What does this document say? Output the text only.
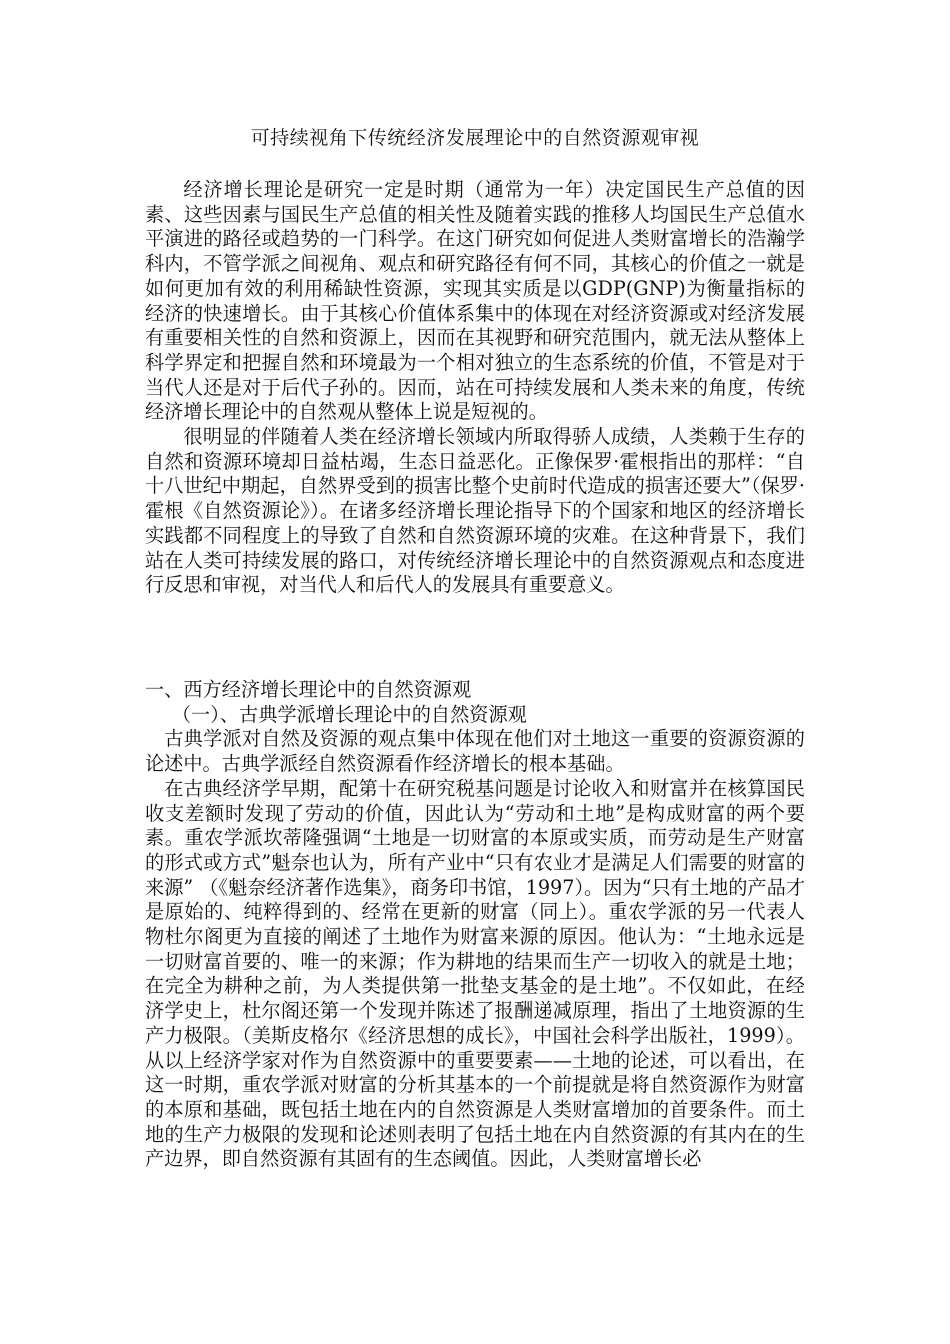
可持续视角下传统经济发展理论中的自然资源观审视

经济增长理论是研究一定是时期（通常为一年）决定国民生产总值的因素、这些因素与国民生产总值的相关性及随着实践的推移人均国民生产总值水平演进的路径或趋势的一门科学。在这门研究如何促进人类财富增长的浩瀚学科内，不管学派之间视角、观点和研究路径有何不同，其核心的价值之一就是如何更加有效的利用稀缺性资源，实现其实质是以GDP(GNP)为衡量指标的经济的快速增长。由于其核心价值体系集中的体现在对经济资源或对经济发展有重要相关性的自然和资源上，因而在其视野和研究范围内，就无法从整体上科学界定和把握自然和环境最为一个相对独立的生态系统的价值，不管是对于当代人还是对于后代子孙的。因而，站在可持续发展和人类未来的角度，传统经济增长理论中的自然观从整体上说是短视的。

很明显的伴随着人类在经济增长领域内所取得骄人成绩，人类赖于生存的自然和资源环境却日益枯竭，生态日益恶化。正像保罗·霍根指出的那样：“自十八世纪中期起，自然界受到的损害比整个史前时代造成的损害还要大”（保罗·霍根《自然资源论》）。在诸多经济增长理论指导下的个国家和地区的经济增长实践都不同程度上的导致了自然和自然资源环境的灾难。在这种背景下，我们站在人类可持续发展的路口，对传统经济增长理论中的自然资源观点和态度进行反思和审视，对当代人和后代人的发展具有重要意义。

一、西方经济增长理论中的自然资源观

（一）、古典学派增长理论中的自然资源观

古典学派对自然及资源的观点集中体现在他们对土地这一重要的资源资源的论述中。古典学派经自然资源看作经济增长的根本基础。

在古典经济学早期，配第十在研究税基问题是讨论收入和财富并在核算国民收支差额时发现了劳动的价值，因此认为“劳动和土地”是构成财富的两个要素。重农学派坎蒂隆强调“土地是一切财富的本原或实质，而劳动是生产财富的形式或方式”魁奈也认为，所有产业中“只有农业才是满足人们需要的财富的来源” （《魁奈经济著作选集》，商务印书馆，1997）。因为“只有土地的产品才是原始的、纯粹得到的、经常在更新的财富（同上）。重农学派的另一代表人物杜尔阁更为直接的阐述了土地作为财富来源的原因。他认为：“土地永远是一切财富首要的、唯一的来源；作为耕地的结果而生产一切收入的就是土地；在完全为耕种之前，为人类提供第一批垫支基金的是土地”。不仅如此，在经济学史上，杜尔阁还第一个发现并陈述了报酬递减原理，指出了土地资源的生产力极限。（美斯皮格尔《经济思想的成长》，中国社会科学出版社，1999）。从以上经济学家对作为自然资源中的重要要素——土地的论述，可以看出，在这一时期，重农学派对财富的分析其基本的一个前提就是将自然资源作为财富的本原和基础，既包括土地在内的自然资源是人类财富增加的首要条件。而土地的生产力极限的发现和论述则表明了包括土地在内自然资源的有其内在的生产边界，即自然资源有其固有的生态阈值。因此，人类财富增长必
